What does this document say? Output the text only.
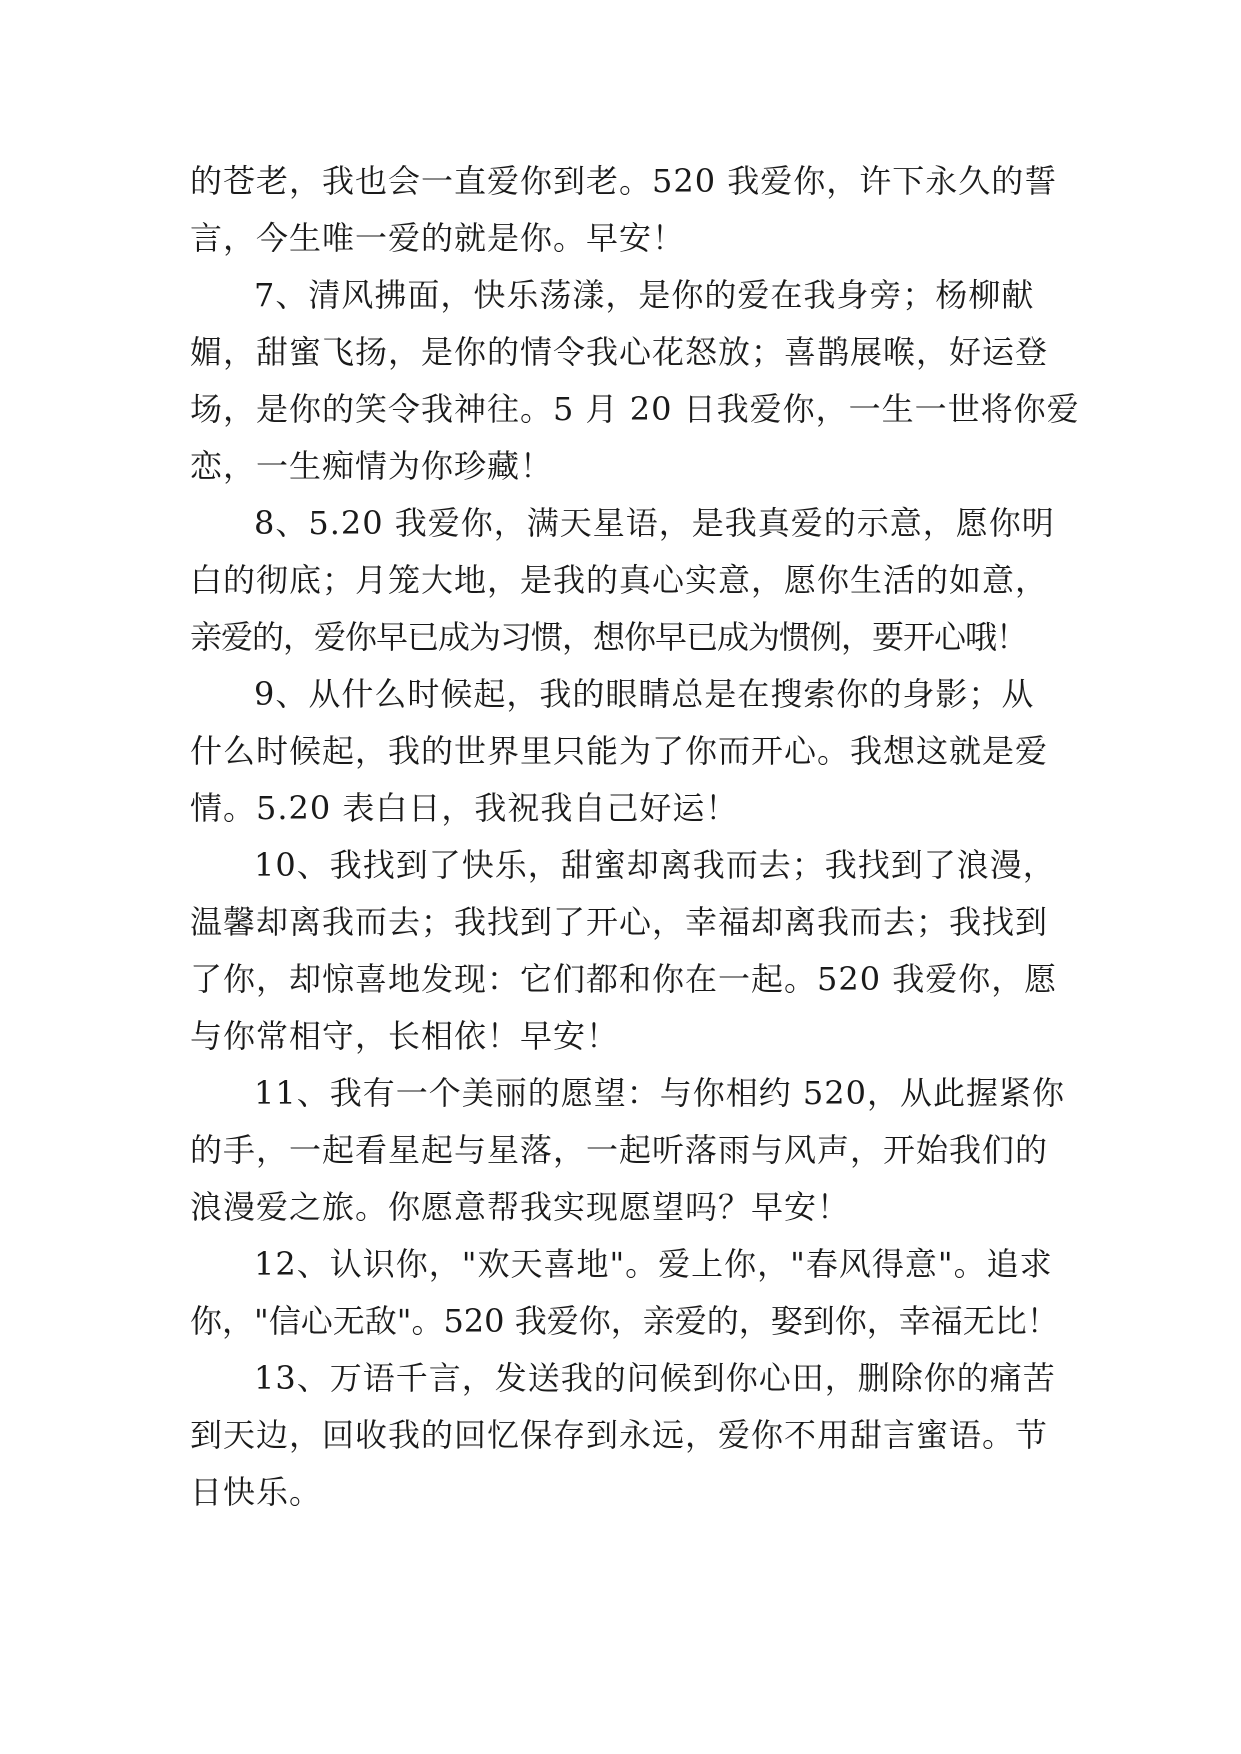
的苍老，我也会一直爱你到老。520 我爱你，许下永久的誓
言，今生唯一爱的就是你。早安！
7、清风拂面，快乐荡漾，是你的爱在我身旁；杨柳献
媚，甜蜜飞扬，是你的情令我心花怒放；喜鹊展喉，好运登
场，是你的笑令我神往。5 月 20 日我爱你，一生一世将你爱
恋，一生痴情为你珍藏！
8、5.20 我爱你，满天星语，是我真爱的示意，愿你明
白的彻底；月笼大地，是我的真心实意，愿你生活的如意，
亲爱的，爱你早已成为习惯，想你早已成为惯例，要开心哦！
9、从什么时候起，我的眼睛总是在搜索你的身影；从
什么时候起，我的世界里只能为了你而开心。我想这就是爱
情。5.20 表白日，我祝我自己好运！
10、我找到了快乐，甜蜜却离我而去；我找到了浪漫，
温馨却离我而去；我找到了开心，幸福却离我而去；我找到
了你，却惊喜地发现：它们都和你在一起。520 我爱你，愿
与你常相守，长相依！早安！
11、我有一个美丽的愿望：与你相约 520，从此握紧你
的手，一起看星起与星落，一起听落雨与风声，开始我们的
浪漫爱之旅。你愿意帮我实现愿望吗？早安！
12、认识你，"欢天喜地"。爱上你，"春风得意"。追求
你，"信心无敌"。520 我爱你，亲爱的，娶到你，幸福无比！
13、万语千言，发送我的问候到你心田，删除你的痛苦
到天边，回收我的回忆保存到永远，爱你不用甜言蜜语。节
日快乐。
